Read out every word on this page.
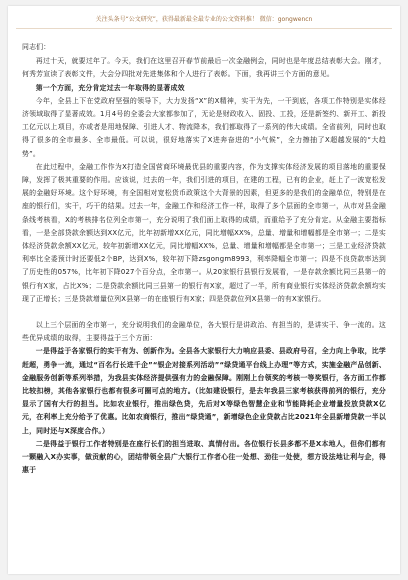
关注头条号“公文研究”，获得最新最全最专业的公文资料推！ 微信：gongwencn

同志们：

再过十天，就要过年了。今天，我们在这里召开春节前最后一次金融例会，同时也是年度总结表彰大会。刚才，何秀芳宣读了表彰文件，大会分四批对先进集体和个人进行了表彰。下面，我再讲三个方面的意见。

第一个方面，充分肯定过去一年取得的显著成效

今年，全县上下在党政府坚强的领导下，大力发扬“X”的X精神，实干为先，一干到底，各项工作特别是实体经济领域取得了显著成效。1月4号的全委会大家都参加了，无论是财政收入、固投、工投，还是新签约、新开工、新投工亿元以上项目，亦或者是用地保障、引进人才、物流降本，我们都取得了一系列的伟大成绩。全省前列，同时也取得了很多的全市最多、全市最低。可以说，很好地落实了X进奔奋进的“小气候”，全力擦抽了X超越发展的“大趋势”。

在此过程中，金融工作作为X打造全国营商环境最优县的重要内容，作为支撑实体经济发展的项目落地的重要保障，发挥了极其重要的作用。应该说，过去的一年，我们引进的项目，在建的工程，已有的企业，赶上了一波宽松发展的金融好环境。这个好环境，有全国相对宽松货币政策这个大背景的因素，但更多的是我们的金融单位，特别是在座的银行们，实干，巧干的结果。过去一年，金融工作和经济工作一样，取得了多个层面的全市第一，从市对县金融条线考核看，X的考核排名位列全市第一，充分说明了我们面上取得的成绩，而重给予了充分肯定。从金融主要指标看，一是全部贷款余额达到XX亿元，比年初新增XX亿元，同比增幅XX%，总量、增量和增幅都是全市第一；二是实体经济贷款余额XX亿元，较年初新增XX亿元，同比增幅XX%，总量、增量和增幅都是全市第一；三是工业经济贷款利率比全委预计时还要低2个BP，达到X%，较年初下降zsgongm8993，利率降幅全市第一；四是不良贷款率达到了历史性的057%，比年初下降027个百分点，全市第一。从20家银行县银行发展看，一是存款余额比同三县第一的银行有X家，占比X%；二是贷款余额比同三县第一的银行有X家，超过了一半，所有商业银行实体经济贷款余额均实现了正增长；三是贷款增量位列X县第一的在座银行有X家；四是贷款位列X县第一的有X家银行。

以上三个层面的全市第一，充分说明我们的金融单位，各大银行是讲政治、有担当的，是讲实干、争一流的。这些优异成绩的取得，主要得益于三个方面：

一是得益于各家银行的实干有为、创新作为。全县各大家银行大力响应县委、县政府号召，全力向上争取，比学赶超，勇争一流，通过“百名行长进千企”“银企对接系列活动”“绿贷通平台线上办理”等方式，实施金融产品创新、金融服务创新等系列举措，为我县实体经济提供强有力的金融保障。刚刚上台领奖的考核一等奖银行，各方面工作都比较扣榜，其他各家银行也都有很多可圈可点的地方。（比如建设银行，是去年我县三家考核获得前列的银行，充分显示了国有大行的担当。比如农业银行，推出绿色贷，先后对X等绿色智慧企业和节能降耗企业增量投放贷款X亿元，在利率上充分给予了优惠。比如农商银行，推出“绿贷通”，新增绿色企业贷款占比2021年全县新增贷款一半以上，同时还与X深度合作。）

二是得益于银行工作者特别是在座行长们的担当进取、真情付出。各位银行长县多都不是X本地人，但你们都有一颗融入X办实事，做贡献的心，团结带领全县广大银行工作者心往一处想、劲往一处使，想方设法地让利与企，得惠于
